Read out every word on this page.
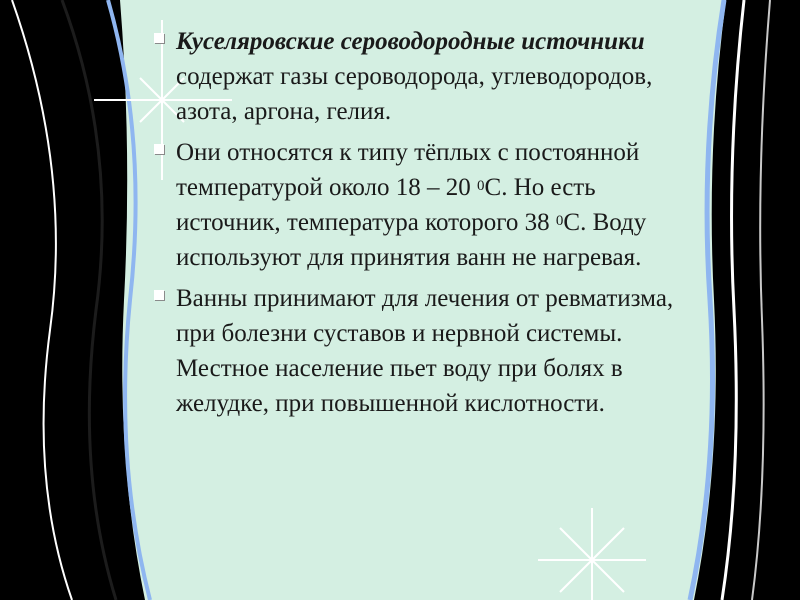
Куселяровские сероводородные источники содержат газы сероводорода, углеводородов, азота, аргона, гелия.
Они относятся к типу тёплых с постоянной температурой около 18 – 20 $^0$С. Но есть источник, температура которого 38 $^0$С. Воду используют для принятия ванн не нагревая.
Ванны принимают для лечения от ревматизма, при болезни суставов и нервной системы. Местное население пьет воду при болях в желудке, при повышенной кислотности.
